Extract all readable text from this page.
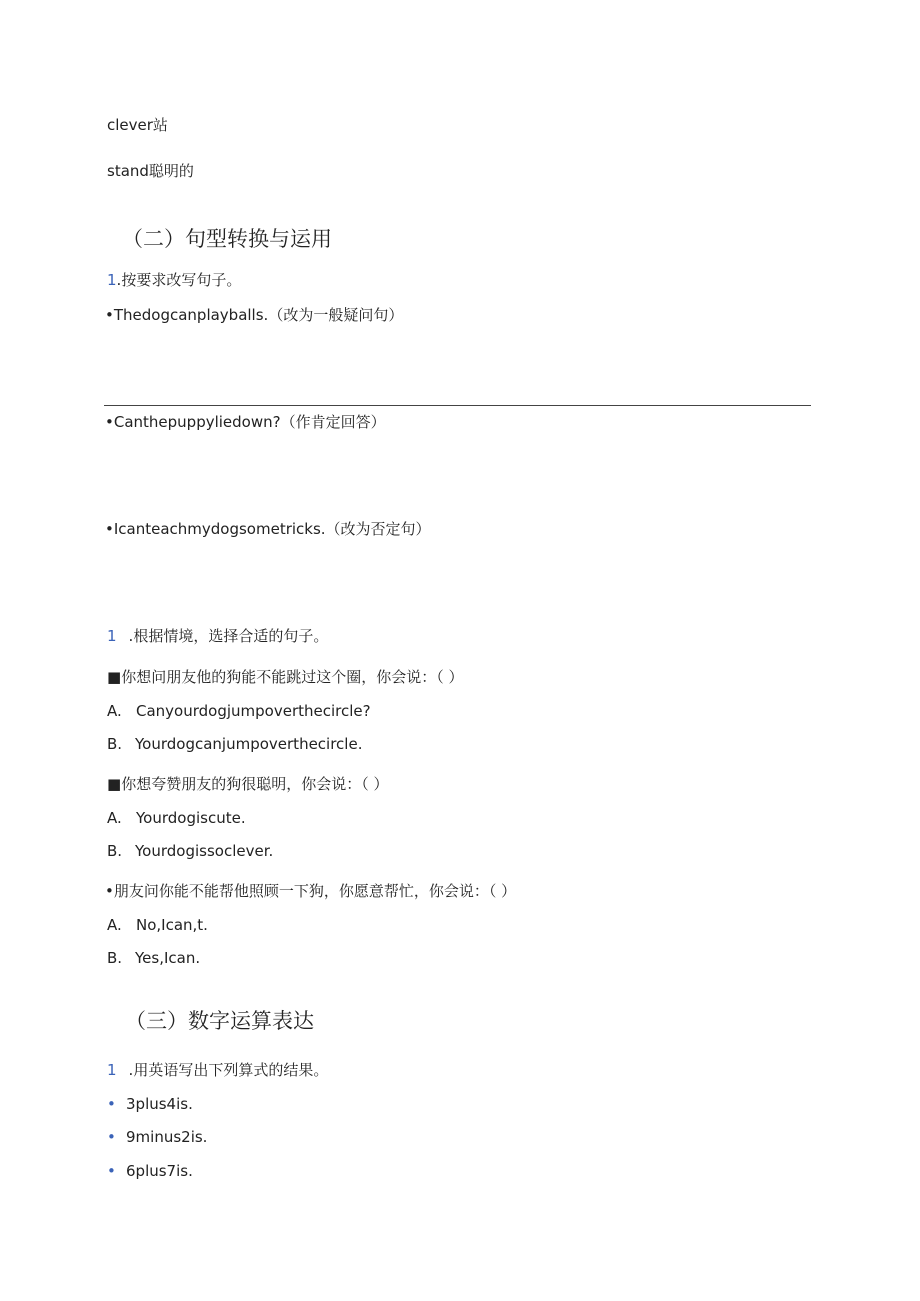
clever站
stand聪明的
（二）句型转换与运用
1.按要求改写句子。
•Thedogcanplayballs.（改为一般疑问句）
•Canthepuppyliedown?（作肯定回答）
•Icanteachmydogsometricks.（改为否定句）
1 .根据情境，选择合适的句子。
■你想问朋友他的狗能不能跳过这个圈，你会说：（ ）
A. Canyourdogjumpoverthecircle?
B. Yourdogcanjumpoverthecircle.
■你想夸赞朋友的狗很聪明，你会说：（ ）
A. Yourdogiscute.
B. Yourdogissoclever.
•朋友问你能不能帮他照顾一下狗，你愿意帮忙，你会说：（ ）
A. No,Ican,t.
B. Yes,Ican.
（三）数字运算表达
1 .用英语写出下列算式的结果。
• 3plus4is.
• 9minus2is.
• 6plus7is.
